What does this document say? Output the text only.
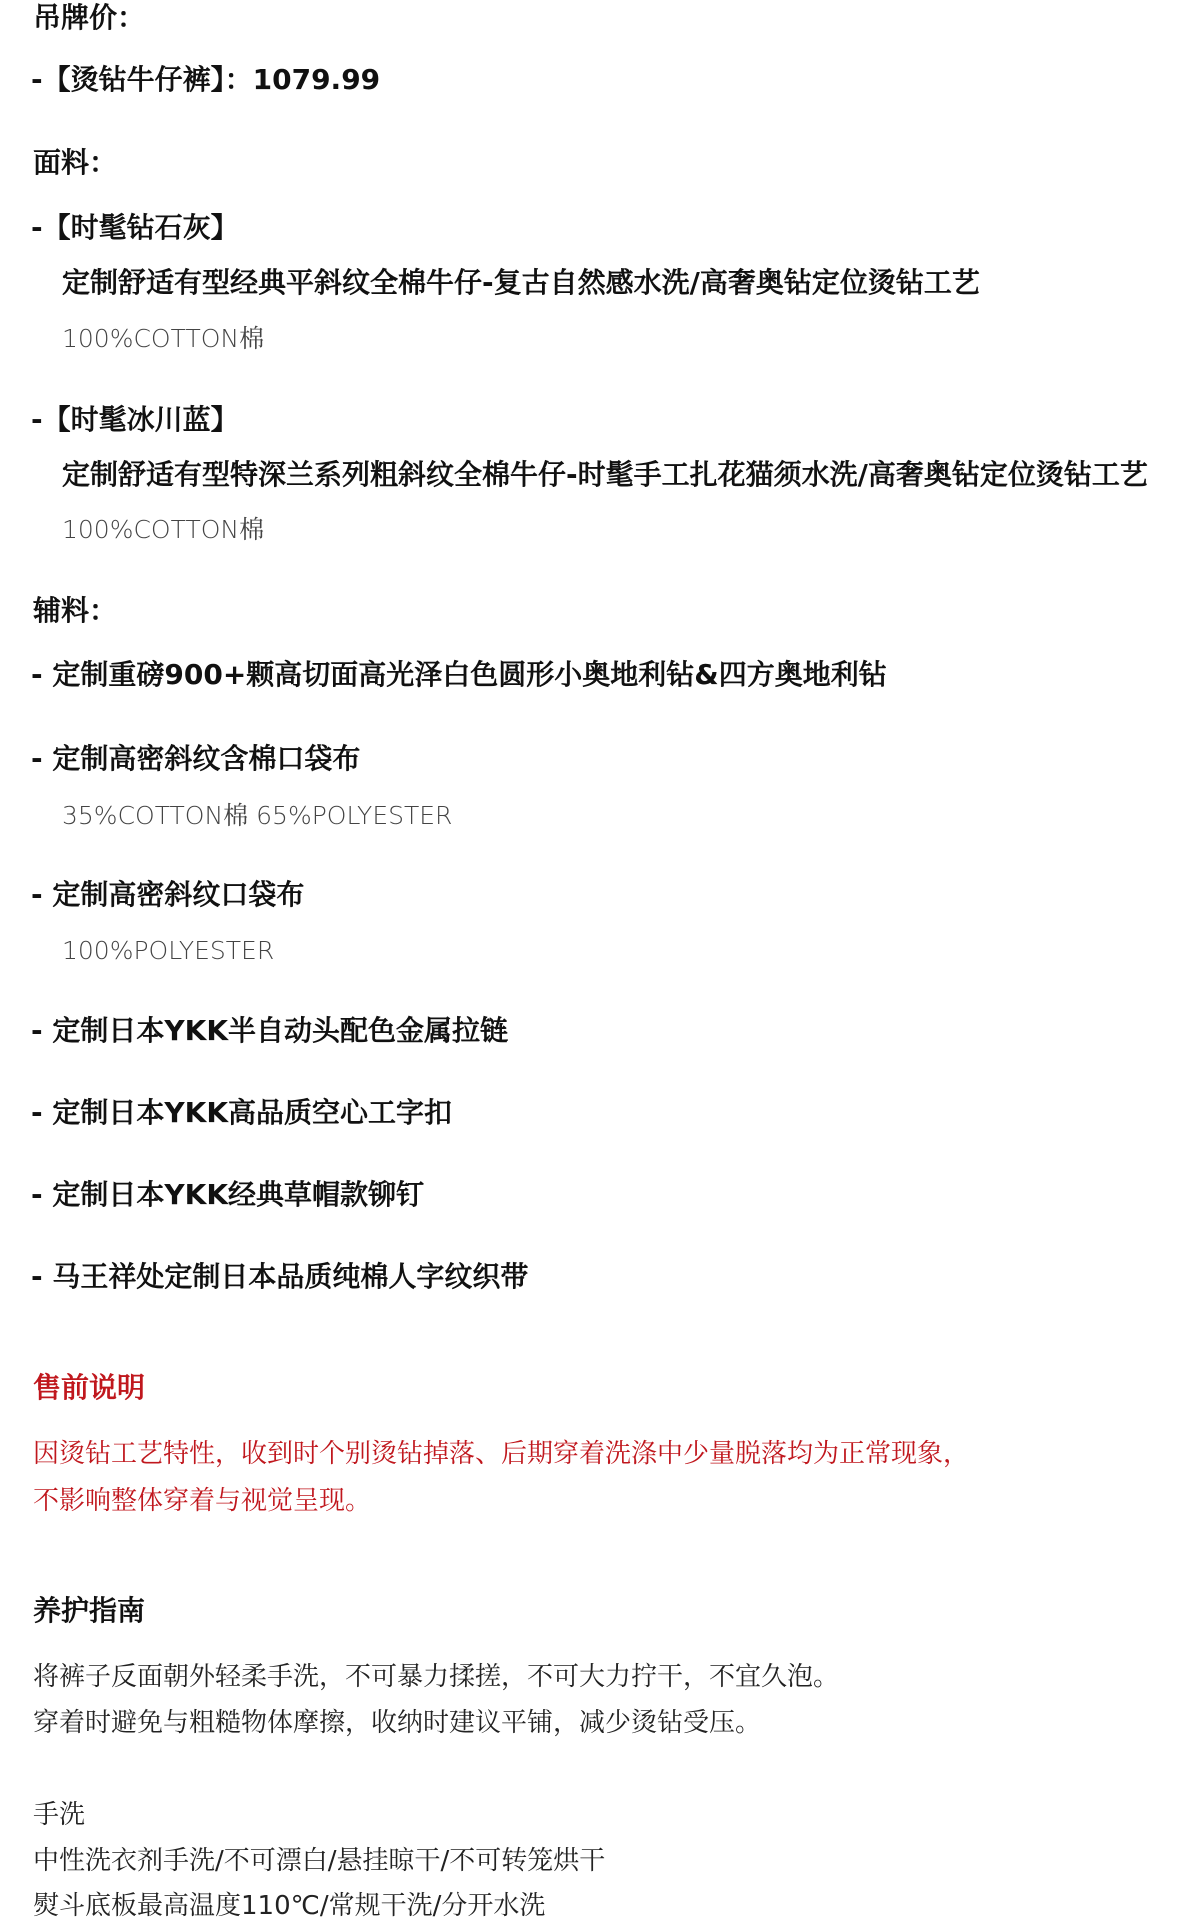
吊牌价：
-【烫钻牛仔裤】：1079.99
面料：
-【时髦钻石灰】
定制舒适有型经典平斜纹全棉牛仔-复古自然感水洗/高奢奥钻定位烫钻工艺
100%COTTON棉
-【时髦冰川蓝】
定制舒适有型特深兰系列粗斜纹全棉牛仔-时髦手工扎花猫须水洗/高奢奥钻定位烫钻工艺
100%COTTON棉
辅料：
- 定制重磅900+颗高切面高光泽白色圆形小奥地利钻&四方奥地利钻
- 定制高密斜纹含棉口袋布
35%COTTON棉 65%POLYESTER
- 定制高密斜纹口袋布
100%POLYESTER
- 定制日本YKK半自动头配色金属拉链
- 定制日本YKK高品质空心工字扣
- 定制日本YKK经典草帽款铆钉
- 马王祥处定制日本品质纯棉人字纹织带
售前说明
因烫钻工艺特性，收到时个别烫钻掉落、后期穿着洗涤中少量脱落均为正常现象，
不影响整体穿着与视觉呈现。
养护指南
将裤子反面朝外轻柔手洗，不可暴力揉搓，不可大力拧干，不宜久泡。
穿着时避免与粗糙物体摩擦，收纳时建议平铺，减少烫钻受压。
手洗
中性洗衣剂手洗/不可漂白/悬挂晾干/不可转笼烘干
熨斗底板最高温度110℃/常规干洗/分开水洗
